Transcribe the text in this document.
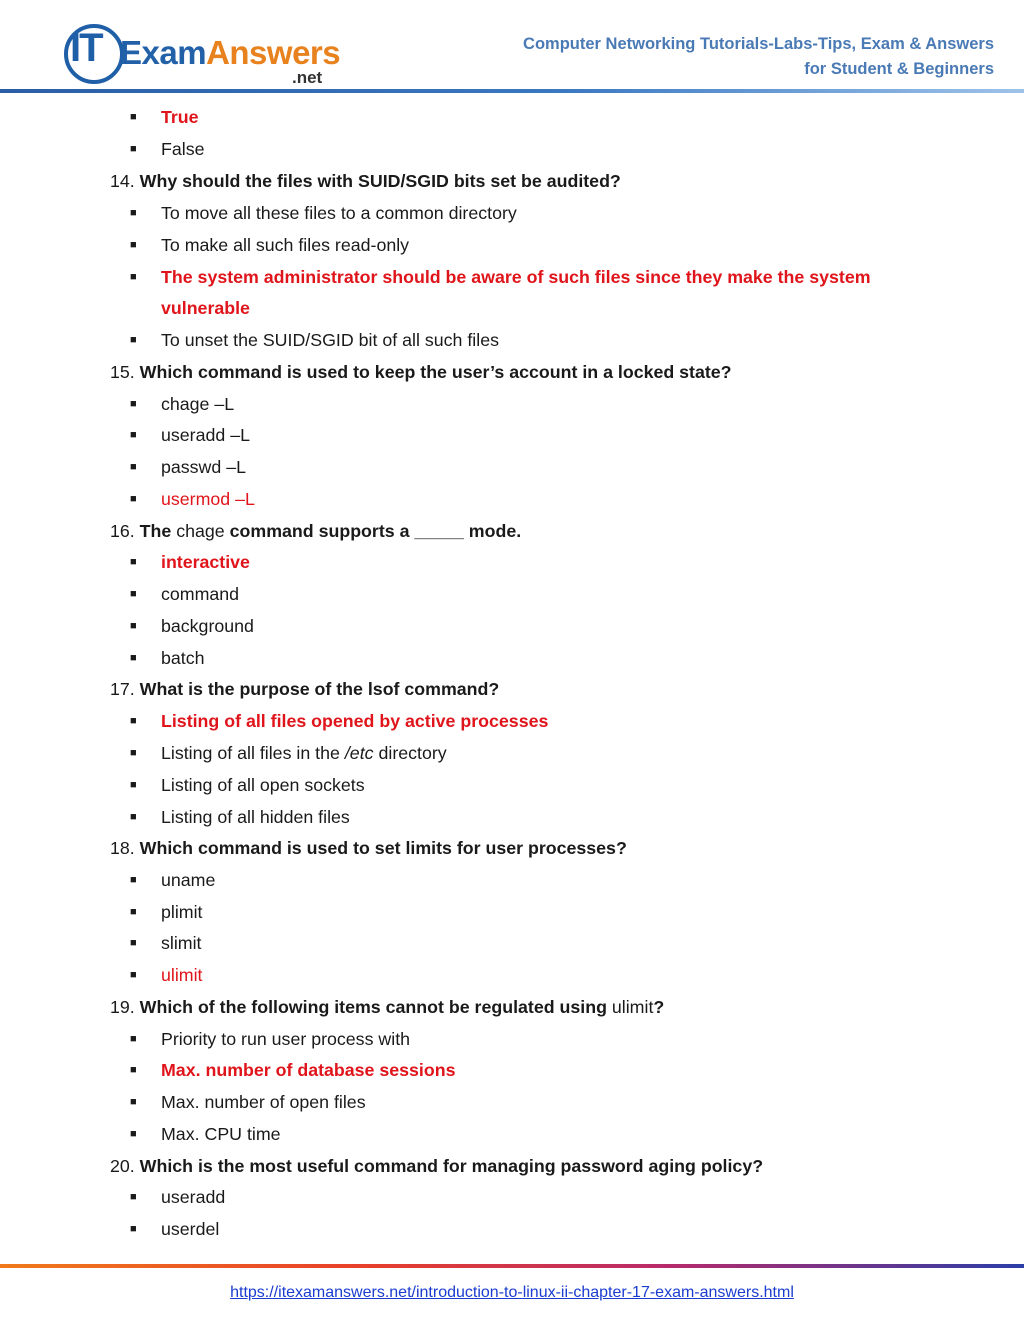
IT ExamAnswers
.net
Computer Networking Tutorials-Labs-Tips, Exam & Answers
for Student & Beginners
■ True
■ False
14. Why should the files with SUID/SGID bits set be audited?
■ To move all these files to a common directory
■ To make all such files read-only
■ The system administrator should be aware of such files since they make the system
vulnerable
■ To unset the SUID/SGID bit of all such files
15. Which command is used to keep the user’s account in a locked state?
■ chage –L
■ useradd –L
■ passwd –L
■ usermod –L
16. The chage command supports a _____ mode.
■ interactive
■ command
■ background
■ batch
17. What is the purpose of the lsof command?
■ Listing of all files opened by active processes
■ Listing of all files in the /etc directory
■ Listing of all open sockets
■ Listing of all hidden files
18. Which command is used to set limits for user processes?
■ uname
■ plimit
■ slimit
■ ulimit
19. Which of the following items cannot be regulated using ulimit?
■ Priority to run user process with
■ Max. number of database sessions
■ Max. number of open files
■ Max. CPU time
20. Which is the most useful command for managing password aging policy?
■ useradd
■ userdel
https://itexamanswers.net/introduction-to-linux-ii-chapter-17-exam-answers.html
